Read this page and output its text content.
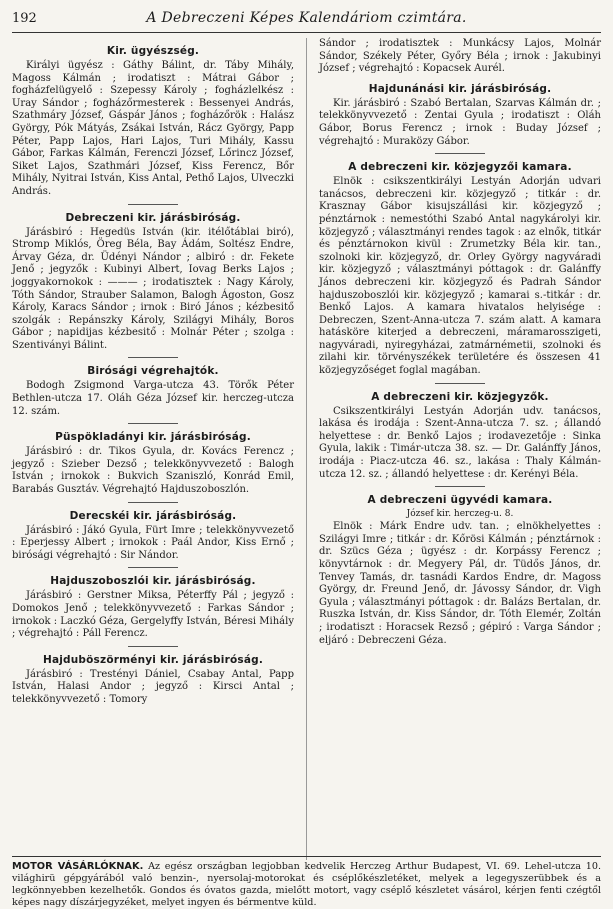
192	A Debreczeni Képes Kalendáriom czimtára.
Kir. ügyészség.

Királyi ügyész : Gáthy Bálint, dr. Táby Mihály, Magoss Kálmán ; irodatiszt : Mátrai Gábor ; fogházfelügyelő : Szepessy Károly ; fogházlelkész : Uray Sándor ; fogházőrmesterek : Bessenyei András, Szathmáry József, Gáspár János ; fogházőrök : Halász György, Pók Mátyás, Zsákai István, Rácz György, Papp Péter, Papp Lajos, Hari Lajos, Turi Mihály, Kassu Gábor, Farkas Kálmán, Ferenczi József, Lőrincz József, Siket Lajos, Szathmári József, Kiss Ferencz, Bőr Mihály, Nyitrai István, Kiss Antal, Pethő Lajos, Ulveczki András.

Debreczeni kir. járásbiróság.

Járásbiró : Hegedüs István (kir. itélőtáblai biró), Stromp Miklós, Öreg Béla, Bay Ádám, Soltész Endre, Árvay Géza, dr. Üdényi Nándor ; albiró : dr. Fekete Jenő ; jegyzők : Kubinyi Albert, Iovag Berks Lajos ; joggyakornokok : ——— ; irodatisztek : Nagy Károly, Tóth Sándor, Strauber Salamon, Balogh Ágoston, Gosz Károly, Karacs Sándor ; irnok : Biró János ; kézbesitő szolgák : Repánszky Károly, Szilágyi Mihály, Boros Gábor ; napidijas kézbesitő : Molnár Péter ; szolga : Szentiványi Bálint.

Birósági végrehajtók.

Bodogh Zsigmond Varga-utcza 43. Törők Péter Bethlen-utcza 17. Oláh Géza József kir. herczeg-utcza 12. szám.

Püspökladányi kir. járásbiróság.

Járásbiró : dr. Tikos Gyula, dr. Kovács Ferencz ; jegyző : Szieber Dezső ; telekkönyvvezető : Balogh István ; irnokok : Bukvich Szaniszló, Konrád Emil, Barabás Gusztáv. Végrehajtó Hajduszoboszlón.

Derecskéi kir. járásbiróság.

Járásbiró : Jákó Gyula, Fürt Imre ; telekkönyvvezető : Eperjessy Albert ; irnokok : Paál Andor, Kiss Ernő ; birósági végrehajtó : Sir Nándor.

Hajduszoboszlói kir. járásbiróság.

Járásbiró : Gerstner Miksa, Péterffy Pál ; jegyző : Domokos Jenő ; telekkönyvvezető : Farkas Sándor ; irnokok : Laczkó Géza, Gergelyffy István, Béresi Mihály ; végrehajtó : Páll Ferencz.

Hajduböszörményi kir. járásbiróság.

Járásbiró : Trestényi Dániel, Csabay Antal, Papp István, Halasi Andor ; jegyző : Kirsci Antal ; telekkönyvvezető : Tomory

Sándor ; irodatisztek : Munkácsy Lajos, Molnár Sándor, Székely Péter, Győry Béla ; irnok : Jakubinyi József ; végrehajtó : Kopacsek Aurél.

Hajdunánási kir. járásbiróság.

Kir. járásbiró : Szabó Bertalan, Szarvas Kálmán dr. ; telekkönyvvezető : Zentai Gyula ; irodatiszt : Oláh Gábor, Borus Ferencz ; irnok : Buday József ; végrehajtó : Muraközy Gábor.

A debreczeni kir. közjegyzői kamara.

Elnök : csikszentkirályi Lestyán Adorján udvari tanácsos, debreczeni kir. közjegyző ; titkár : dr. Krasznay Gábor kisujszállási kir. közjegyző ; pénztárnok : nemestóthi Szabó Antal nagykárolyi kir. közjegyző ; választmányi rendes tagok : az elnők, titkár és pénztárnokon kivül : Zrumetzky Béla kir. tan., szolnoki kir. közjegyző, dr. Orley György nagyváradi kir. közjegyző ; választmányi póttagok : dr. Galánffy János debreczeni kir. közjegyző és Padrah Sándor hajduszoboszlói kir. közjegyző ; kamarai s.-titkár : dr. Benkő Lajos. A kamara hivatalos helyisége : Debreczen, Szent-Anna-utcza 7. szám alatt. A kamara hatásköre kiterjed a debreczeni, máramarosszigeti, nagyváradi, nyiregyházai, zatmárnémetii, szolnoki és zilahi kir. törvényszékek területére és összesen 41 közjegyzőséget foglal magában.

A debreczeni kir. közjegyzők.

Csikszentkirályi Lestyán Adorján udv. tanácsos, lakása és irodája : Szent-Anna-utcza 7. sz. ; állandó helyettese : dr. Benkő Lajos ; irodavezetője : Sinka Gyula, lakik : Timár-utcza 38. sz. — Dr. Galánffy János, irodája : Piacz-utcza 46. sz., lakása : Thaly Kálmán-utcza 12. sz. ; állandó helyettese : dr. Kerényi Béla.

A debreczeni ügyvédi kamara.
József kir. herczeg-u. 8.

Elnök : Márk Endre udv. tan. ; elnökhelyettes : Szilágyi Imre ; titkár : dr. Kőrösi Kálmán ; pénztárnok : dr. Szücs Géza ; ügyész : dr. Korpássy Ferencz ; könyvtárnok : dr. Megyery Pál, dr. Tüdős János, dr. Tenvey Tamás, dr. tasnádi Kardos Endre, dr. Magoss György, dr. Freund Jenő, dr. Jávossy Sándor, dr. Vigh Gyula ; választmányi póttagok : dr. Balázs Bertalan, dr. Ruszka István, dr. Kiss Sándor, dr. Tóth Elemér, Zoltán ; irodatiszt : Horacsek Rezső ; gépiró : Varga Sándor ; eljáró : Debreczeni Géza.

MOTOR VÁSÁRLÓKNAK. Az egész országban legjobban kedvelik Herczeg Arthur Budapest, VI. 69. Lehel-utcza 10. világhirü gépgyárából való benzin-, nyersolaj-motorokat és cséplőkészletéket, melyek a legegyszerübbek és a legkönnyebben kezelhetők. Gondos és óvatos gazda, mielőtt motort, vagy cséplő készletet vásárol, kérjen fenti czégtől képes nagy díszárjegyzéket, melyet ingyen és bérmentve küld.
